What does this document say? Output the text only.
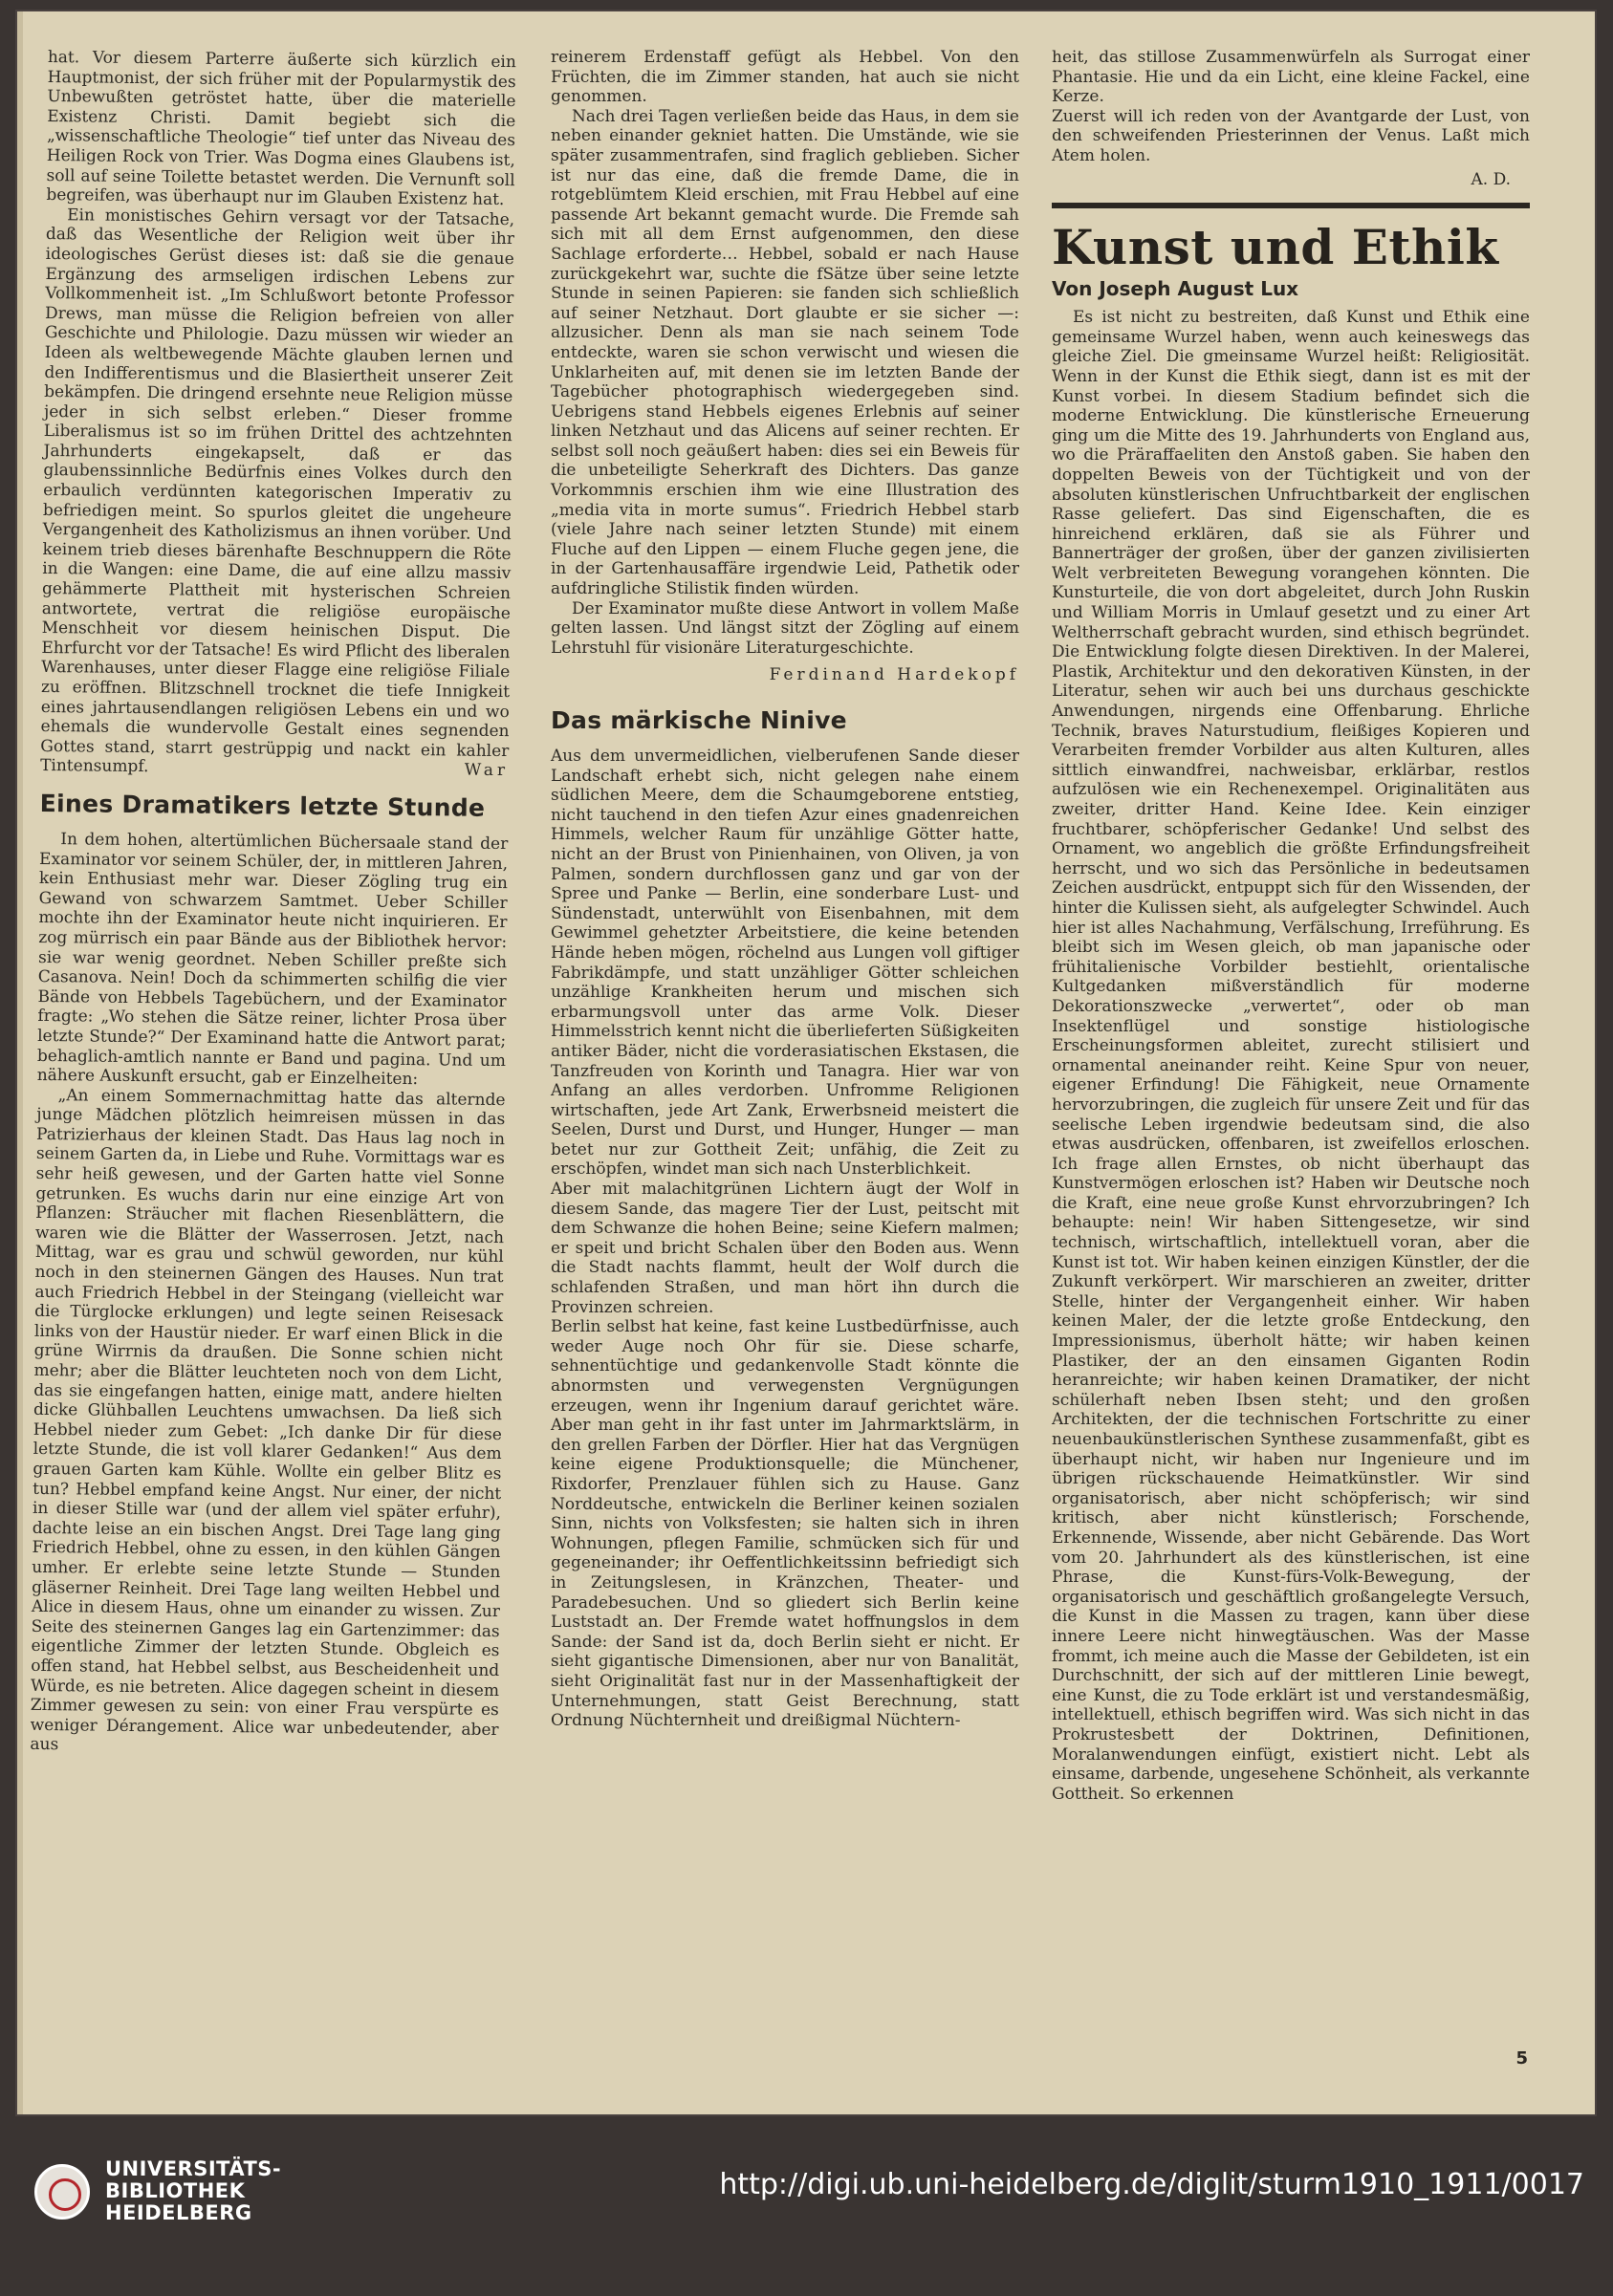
hat. Vor diesem Parterre äußerte sich kürzlich ein Hauptmonist, der sich früher mit der Popularmystik des Unbewußten getröstet hatte, über die materielle Existenz Christi. Damit begiebt sich die „wissenschaftliche Theologie“ tief unter das Niveau des Heiligen Rock von Trier. Was Dogma eines Glaubens ist, soll auf seine Toilette betastet werden. Die Vernunft soll begreifen, was überhaupt nur im Glauben Existenz hat.

Ein monistisches Gehirn versagt vor der Tatsache, daß das Wesentliche der Religion weit über ihr ideologisches Gerüst dieses ist: daß sie die genaue Ergänzung des armseligen irdischen Lebens zur Vollkommenheit ist. „Im Schlußwort betonte Professor Drews, man müsse die Religion befreien von aller Geschichte und Philologie. Dazu müssen wir wieder an Ideen als weltbewegende Mächte glauben lernen und den Indifferentismus und die Blasiertheit unserer Zeit bekämpfen. Die dringend ersehnte neue Religion müsse jeder in sich selbst erleben.“ Dieser fromme Liberalismus ist so im frühen Drittel des achtzehnten Jahrhunderts eingekapselt, daß er das glaubenssinnliche Bedürfnis eines Volkes durch den erbaulich verdünnten kategorischen Imperativ zu befriedigen meint. So spurlos gleitet die ungeheure Vergangenheit des Katholizismus an ihnen vorüber. Und keinem trieb dieses bärenhafte Beschnuppern die Röte in die Wangen: eine Dame, die auf eine allzu massiv gehämmerte Plattheit mit hysterischen Schreien antwortete, vertrat die religiöse europäische Menschheit vor diesem heinischen Disput. Die Ehrfurcht vor der Tatsache! Es wird Pflicht des liberalen Warenhauses, unter dieser Flagge eine religiöse Filiale zu eröffnen. Blitzschnell trocknet die tiefe Innigkeit eines jahrtausendlangen religiösen Lebens ein und wo ehemals die wundervolle Gestalt eines segnenden Gottes stand, starrt gestrüppig und nackt ein kahler Tintensumpf.	War

Eines Dramatikers letzte Stunde

In dem hohen, altertümlichen Büchersaale stand der Examinator vor seinem Schüler, der, in mittleren Jahren, kein Enthusiast mehr war. Dieser Zögling trug ein Gewand von schwarzem Samtmet. Ueber Schiller mochte ihn der Examinator heute nicht inquirieren. Er zog mürrisch ein paar Bände aus der Bibliothek hervor: sie war wenig geordnet. Neben Schiller preßte sich Casanova. Nein! Doch da schimmerten schilfig die vier Bände von Hebbels Tagebüchern, und der Examinator fragte: „Wo stehen die Sätze reiner, lichter Prosa über letzte Stunde?“ Der Examinand hatte die Antwort parat; behaglich-amtlich nannte er Band und pagina. Und um nähere Auskunft ersucht, gab er Einzelheiten:

„An einem Sommernachmittag hatte das alternde junge Mädchen plötzlich heimreisen müssen in das Patrizierhaus der kleinen Stadt. Das Haus lag noch in seinem Garten da, in Liebe und Ruhe. Vormittags war es sehr heiß gewesen, und der Garten hatte viel Sonne getrunken. Es wuchs darin nur eine einzige Art von Pflanzen: Sträucher mit flachen Riesenblättern, die waren wie die Blätter der Wasserrosen. Jetzt, nach Mittag, war es grau und schwül geworden, nur kühl noch in den steinernen Gängen des Hauses. Nun trat auch Friedrich Hebbel in der Steingang (vielleicht war die Türglocke erklungen) und legte seinen Reisesack links von der Haustür nieder. Er warf einen Blick in die grüne Wirrnis da draußen. Die Sonne schien nicht mehr; aber die Blätter leuchteten noch von dem Licht, das sie eingefangen hatten, einige matt, andere hielten dicke Glühballen Leuchtens umwachsen. Da ließ sich Hebbel nieder zum Gebet: „Ich danke Dir für diese letzte Stunde, die ist voll klarer Gedanken!“ Aus dem grauen Garten kam Kühle. Wollte ein gelber Blitz es tun? Hebbel empfand keine Angst. Nur einer, der nicht in dieser Stille war (und der allem viel später erfuhr), dachte leise an ein bischen Angst. Drei Tage lang ging Friedrich Hebbel, ohne zu essen, in den kühlen Gängen umher. Er erlebte seine letzte Stunde — Stunden gläserner Reinheit. Drei Tage lang weilten Hebbel und Alice in diesem Haus, ohne um einander zu wissen. Zur Seite des steinernen Ganges lag ein Gartenzimmer: das eigentliche Zimmer der letzten Stunde. Obgleich es offen stand, hat Hebbel selbst, aus Bescheidenheit und Würde, es nie betreten. Alice dagegen scheint in diesem Zimmer gewesen zu sein: von einer Frau verspürte es weniger Dérangement. Alice war unbedeutender, aber aus

reinerem Erdenstaff gefügt als Hebbel. Von den Früchten, die im Zimmer standen, hat auch sie nicht genommen.

Nach drei Tagen verließen beide das Haus, in dem sie neben einander gekniet hatten. Die Umstände, wie sie später zusammentrafen, sind fraglich geblieben. Sicher ist nur das eine, daß die fremde Dame, die in rotgeblümtem Kleid erschien, mit Frau Hebbel auf eine passende Art bekannt gemacht wurde. Die Fremde sah sich mit all dem Ernst aufgenommen, den diese Sachlage erforderte… Hebbel, sobald er nach Hause zurückgekehrt war, suchte die fSätze über seine letzte Stunde in seinen Papieren: sie fanden sich schließlich auf seiner Netzhaut. Dort glaubte er sie sicher —: allzusicher. Denn als man sie nach seinem Tode entdeckte, waren sie schon verwischt und wiesen die Unklarheiten auf, mit denen sie im letzten Bande der Tagebücher photographisch wiedergegeben sind. Uebrigens stand Hebbels eigenes Erlebnis auf seiner linken Netzhaut und das Alicens auf seiner rechten. Er selbst soll noch geäußert haben: dies sei ein Beweis für die unbeteiligte Seherkraft des Dichters. Das ganze Vorkommnis erschien ihm wie eine Illustration des „media vita in morte sumus“. Friedrich Hebbel starb (viele Jahre nach seiner letzten Stunde) mit einem Fluche auf den Lippen — einem Fluche gegen jene, die in der Gartenhausaffäre irgendwie Leid, Pathetik oder aufdringliche Stilistik finden würden.

Der Examinator mußte diese Antwort in vollem Maße gelten lassen. Und längst sitzt der Zögling auf einem Lehrstuhl für visionäre Literaturgeschichte.

Ferdinand Hardekopf
Das märkische Ninive

Aus dem unvermeidlichen, vielberufenen Sande dieser Landschaft erhebt sich, nicht gelegen nahe einem südlichen Meere, dem die Schaumgeborene entstieg, nicht tauchend in den tiefen Azur eines gnadenreichen Himmels, welcher Raum für unzählige Götter hatte, nicht an der Brust von Pinienhainen, von Oliven, ja von Palmen, sondern durchflossen ganz und gar von der Spree und Panke — Berlin, eine sonderbare Lust- und Sündenstadt, unterwühlt von Eisenbahnen, mit dem Gewimmel gehetzter Arbeitstiere, die keine betenden Hände heben mögen, röchelnd aus Lungen voll giftiger Fabrikdämpfe, und statt unzähliger Götter schleichen unzählige Krankheiten herum und mischen sich erbarmungsvoll unter das arme Volk. Dieser Himmelsstrich kennt nicht die überlieferten Süßigkeiten antiker Bäder, nicht die vorderasiatischen Ekstasen, die Tanzfreuden von Korinth und Tanagra. Hier war von Anfang an alles verdorben. Unfromme Religionen wirtschaften, jede Art Zank, Erwerbsneid meistert die Seelen, Durst und Durst, und Hunger, Hunger — man betet nur zur Gottheit Zeit; unfähig, die Zeit zu erschöpfen, windet man sich nach Unsterblichkeit.

Aber mit malachitgrünen Lichtern äugt der Wolf in diesem Sande, das magere Tier der Lust, peitscht mit dem Schwanze die hohen Beine; seine Kiefern malmen; er speit und bricht Schalen über den Boden aus. Wenn die Stadt nachts flammt, heult der Wolf durch die schlafenden Straßen, und man hört ihn durch die Provinzen schreien.

Berlin selbst hat keine, fast keine Lustbedürfnisse, auch weder Auge noch Ohr für sie. Diese scharfe, sehnentüchtige und gedankenvolle Stadt könnte die abnormsten und verwegensten Vergnügungen erzeugen, wenn ihr Ingenium darauf gerichtet wäre. Aber man geht in ihr fast unter im Jahrmarktslärm, in den grellen Farben der Dörfler. Hier hat das Vergnügen keine eigene Produktionsquelle; die Münchener, Rixdorfer, Prenzlauer fühlen sich zu Hause. Ganz Norddeutsche, entwickeln die Berliner keinen sozialen Sinn, nichts von Volksfesten; sie halten sich in ihren Wohnungen, pflegen Familie, schmücken sich für und gegeneinander; ihr Oeffentlichkeitssinn befriedigt sich in Zeitungslesen, in Kränzchen, Theater- und Paradebesuchen. Und so gliedert sich Berlin keine Luststadt an. Der Fremde watet hoffnungslos in dem Sande: der Sand ist da, doch Berlin sieht er nicht. Er sieht gigantische Dimensionen, aber nur von Banalität, sieht Originalität fast nur in der Massenhaftigkeit der Unternehmungen, statt Geist Berechnung, statt Ordnung Nüchternheit und dreißigmal Nüchtern-

heit, das stillose Zusammenwürfeln als Surrogat einer Phantasie. Hie und da ein Licht, eine kleine Fackel, eine Kerze.

Zuerst will ich reden von der Avantgarde der Lust, von den schweifenden Priesterinnen der Venus. Laßt mich Atem holen.

A. D.
Kunst und Ethik
Von Joseph August Lux

Es ist nicht zu bestreiten, daß Kunst und Ethik eine gemeinsame Wurzel haben, wenn auch keineswegs das gleiche Ziel. Die gmeinsame Wurzel heißt: Religiosität. Wenn in der Kunst die Ethik siegt, dann ist es mit der Kunst vorbei. In diesem Stadium befindet sich die moderne Entwicklung. Die künstlerische Erneuerung ging um die Mitte des 19. Jahrhunderts von England aus, wo die Präraffaeliten den Anstoß gaben. Sie haben den doppelten Beweis von der Tüchtigkeit und von der absoluten künstlerischen Unfruchtbarkeit der englischen Rasse geliefert. Das sind Eigenschaften, die es hinreichend erklären, daß sie als Führer und Bannerträger der großen, über der ganzen zivilisierten Welt verbreiteten Bewegung vorangehen könnten. Die Kunsturteile, die von dort abgeleitet, durch John Ruskin und William Morris in Umlauf gesetzt und zu einer Art Weltherrschaft gebracht wurden, sind ethisch begründet. Die Entwicklung folgte diesen Direktiven. In der Malerei, Plastik, Architektur und den dekorativen Künsten, in der Literatur, sehen wir auch bei uns durchaus geschickte Anwendungen, nirgends eine Offenbarung. Ehrliche Technik, braves Naturstudium, fleißiges Kopieren und Verarbeiten fremder Vorbilder aus alten Kulturen, alles sittlich einwandfrei, nachweisbar, erklärbar, restlos aufzulösen wie ein Rechenexempel. Originalitäten aus zweiter, dritter Hand. Keine Idee. Kein einziger fruchtbarer, schöpferischer Gedanke! Und selbst des Ornament, wo angeblich die größte Erfindungsfreiheit herrscht, und wo sich das Persönliche in bedeutsamen Zeichen ausdrückt, entpuppt sich für den Wissenden, der hinter die Kulissen sieht, als aufgelegter Schwindel. Auch hier ist alles Nachahmung, Verfälschung, Irreführung. Es bleibt sich im Wesen gleich, ob man japanische oder frühitalienische Vorbilder bestiehlt, orientalische Kultgedanken mißverständlich für moderne Dekorationszwecke „verwertet“, oder ob man Insektenflügel und sonstige histiologische Erscheinungsformen ableitet, zurecht stilisiert und ornamental aneinander reiht. Keine Spur von neuer, eigener Erfindung! Die Fähigkeit, neue Ornamente hervorzubringen, die zugleich für unsere Zeit und für das seelische Leben irgendwie bedeutsam sind, die also etwas ausdrücken, offenbaren, ist zweifellos erloschen. Ich frage allen Ernstes, ob nicht überhaupt das Kunstvermögen erloschen ist? Haben wir Deutsche noch die Kraft, eine neue große Kunst ehrvorzubringen? Ich behaupte: nein! Wir haben Sittengesetze, wir sind technisch, wirtschaftlich, intellektuell voran, aber die Kunst ist tot. Wir haben keinen einzigen Künstler, der die Zukunft verkörpert. Wir marschieren an zweiter, dritter Stelle, hinter der Vergangenheit einher. Wir haben keinen Maler, der die letzte große Entdeckung, den Impressionismus, überholt hätte; wir haben keinen Plastiker, der an den einsamen Giganten Rodin heranreichte; wir haben keinen Dramatiker, der nicht schülerhaft neben Ibsen steht; und den großen Architekten, der die technischen Fortschritte zu einer neuenbaukünstlerischen Synthese zusammenfaßt, gibt es überhaupt nicht, wir haben nur Ingenieure und im übrigen rückschauende Heimatkünstler. Wir sind organisatorisch, aber nicht schöpferisch; wir sind kritisch, aber nicht künstlerisch; Forschende, Erkennende, Wissende, aber nicht Gebärende. Das Wort vom 20. Jahrhundert als des künstlerischen, ist eine Phrase, die Kunst-fürs-Volk-Bewegung, der organisatorisch und geschäftlich großangelegte Versuch, die Kunst in die Massen zu tragen, kann über diese innere Leere nicht hinwegtäuschen. Was der Masse frommt, ich meine auch die Masse der Gebildeten, ist ein Durchschnitt, der sich auf der mittleren Linie bewegt, eine Kunst, die zu Tode erklärt ist und verstandesmäßig, intellektuell, ethisch begriffen wird. Was sich nicht in das Prokrustesbett der Doktrinen, Definitionen, Moralanwendungen einfügt, existiert nicht. Lebt als einsame, darbende, ungesehene Schönheit, als verkannte Gottheit. So erkennen

5
UNIVERSITÄTS-
BIBLIOTHEK
HEIDELBERG
http://digi.ub.uni-heidelberg.de/diglit/sturm1910_1911/0017
